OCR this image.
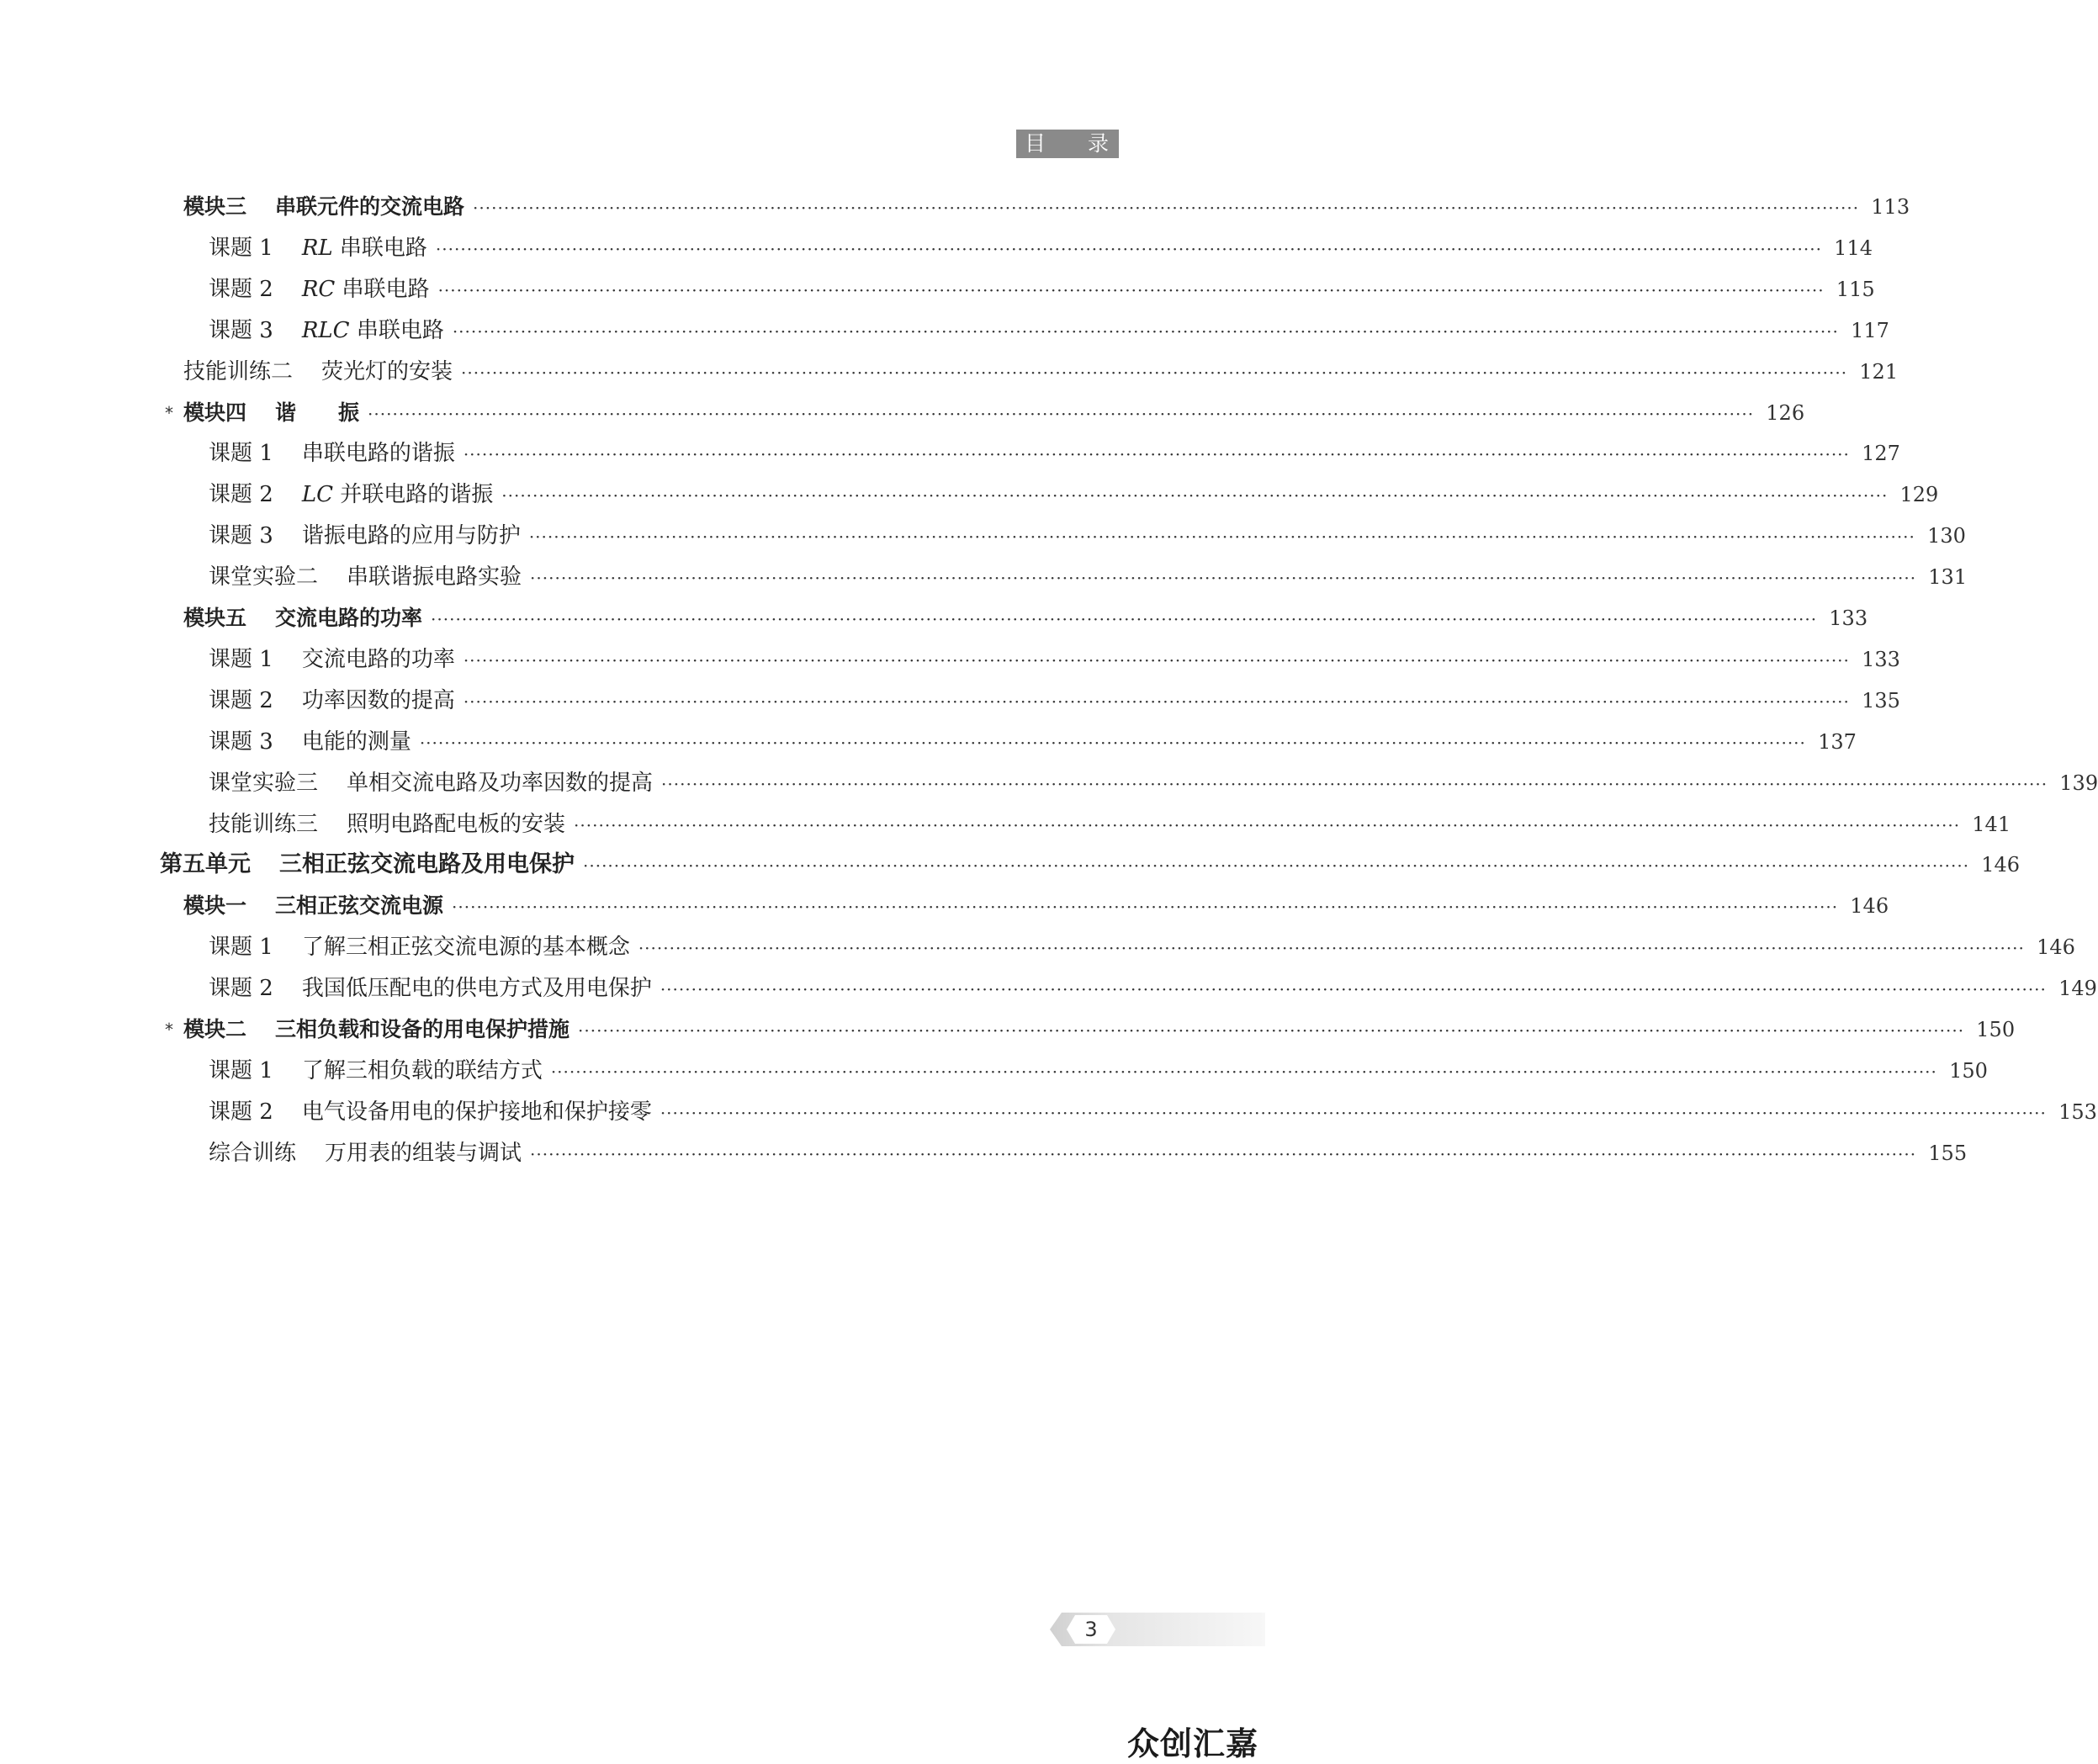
目 录
模块三 串联元件的交流电路 ·····	113
课题 1 RL 串联电路 ·····	114
课题 2 RC 串联电路 ·····	115
课题 3 RLC 串联电路 ·····	117
技能训练二 荧光灯的安装 ·····	121
* 模块四 谐　　振 ·····	126
课题 1 串联电路的谐振 ·····	127
课题 2 LC 并联电路的谐振 ·····	129
课题 3 谐振电路的应用与防护 ·····	130
课堂实验二 串联谐振电路实验 ·····	131
模块五 交流电路的功率 ·····	133
课题 1 交流电路的功率 ·····	133
课题 2 功率因数的提高 ·····	135
课题 3 电能的测量 ·····	137
课堂实验三 单相交流电路及功率因数的提高 ·····	139
技能训练三 照明电路配电板的安装 ·····	141
第五单元 三相正弦交流电路及用电保护 ·····	146
模块一 三相正弦交流电源 ·····	146
课题 1 了解三相正弦交流电源的基本概念 ·····	146
课题 2 我国低压配电的供电方式及用电保护 ·····	149
* 模块二 三相负载和设备的用电保护措施 ·····	150
课题 1 了解三相负载的联结方式 ·····	150
课题 2 电气设备用电的保护接地和保护接零 ·····	153
综合训练 万用表的组装与调试 ·····	155
3
众创汇嘉
